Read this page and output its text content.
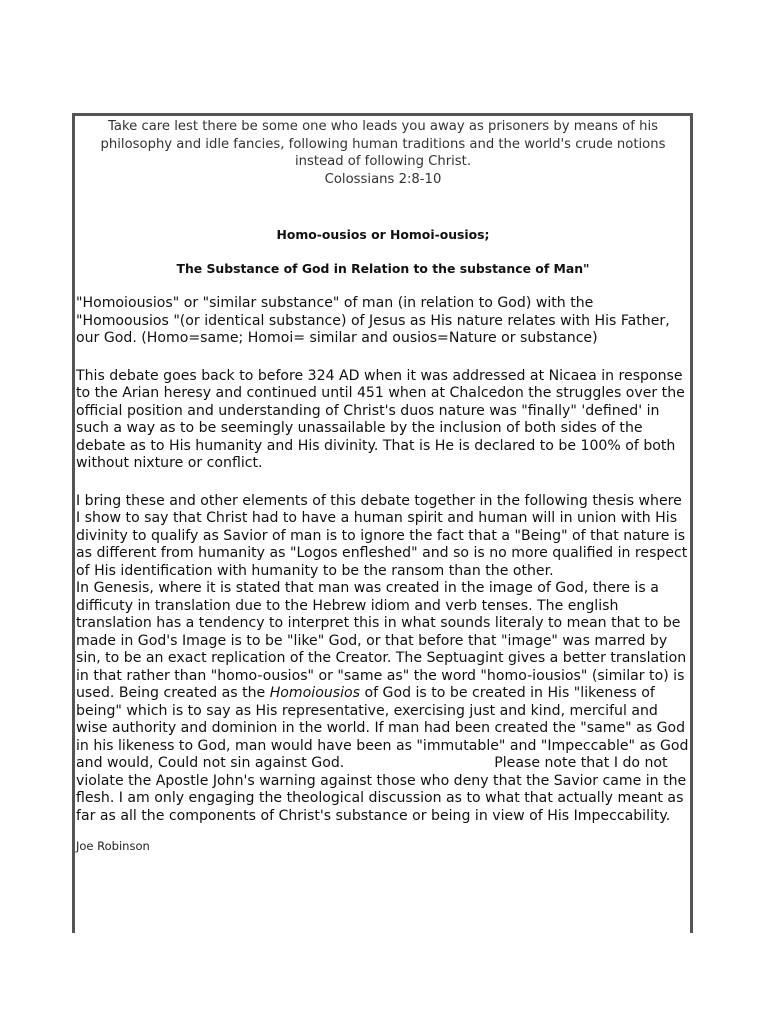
Take care lest there be some one who leads you away as prisoners by means of his
philosophy and idle fancies, following human traditions and the world's crude notions
instead of following Christ.
Colossians 2:8-10
Homo-ousios or Homoi-ousios;
The Substance of God in Relation to the substance of Man"
"Homoiousios" or "similar substance" of man (in relation to God) with the "Homoousios "(or identical substance) of Jesus as His nature relates with His Father, our God. (Homo=same; Homoi= similar and ousios=Nature or substance)
This debate goes back to before 324 AD when it was addressed at Nicaea in response to the Arian heresy and continued until 451 when at Chalcedon the struggles over the official position and understanding of Christ's duos nature was "finally" 'defined' in such a way as to be seemingly unassailable by the inclusion of both sides of the debate as to His humanity and His divinity. That is He is declared to be 100% of both without nixture or conflict.
I bring these and other elements of this debate together in the following thesis where I show to say that Christ had to have a human spirit and human will in union with His divinity to qualify as Savior of man is to ignore the fact that a "Being" of that nature is as different from humanity as "Logos enfleshed" and so is no more qualified in respect of His identification with humanity to be the ransom than the other.
In Genesis, where it is stated that man was created in the image of God, there is a difficuty in translation due to the Hebrew idiom and verb tenses. The english translation has a tendency to interpret this in what sounds literaly to mean that to be made in God's Image is to be "like" God, or that before that "image" was marred by sin, to be an exact replication of the Creator. The Septuagint gives a better translation in that rather than "homo-ousios" or "same as" the word "homo-iousios" (similar to) is used. Being created as the Homoiousios of God is to be created in His "likeness of being" which is to say as His representative, exercising just and kind, merciful and wise authority and dominion in the world. If man had been created the "same" as God in his likeness to God, man would have been as "immutable" and "Impeccable" as God and would, Could not sin against God.	Please note that I do not violate the Apostle John's warning against those who deny that the Savior came in the flesh. I am only engaging the theological discussion as to what that actually meant as far as all the components of Christ's substance or being in view of His Impeccability.
Joe Robinson
